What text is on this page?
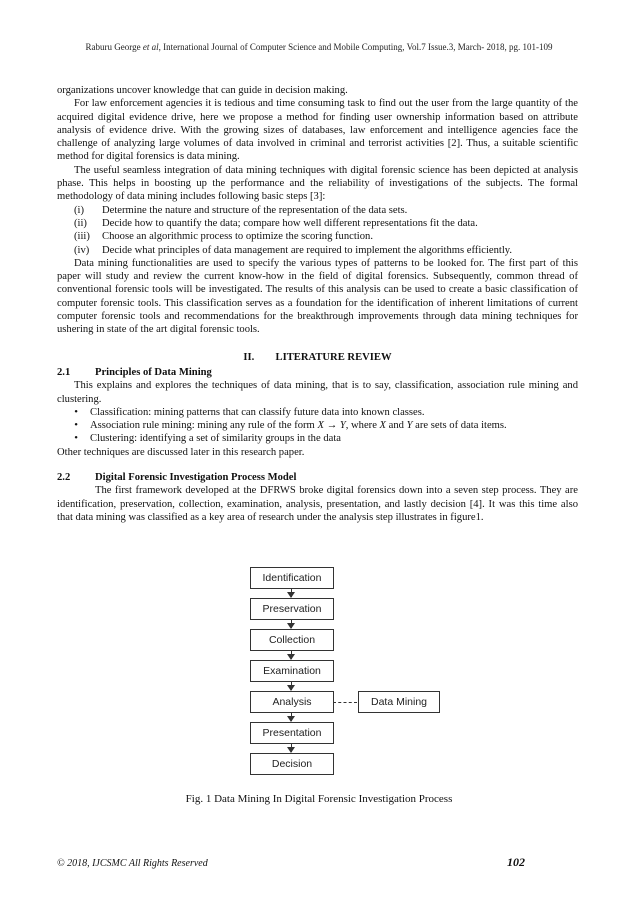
Raburu George et al, International Journal of Computer Science and Mobile Computing, Vol.7 Issue.3, March- 2018, pg. 101-109

organizations uncover knowledge that can guide in decision making.

For law enforcement agencies it is tedious and time consuming task to find out the user from the large quantity of the acquired digital evidence drive, here we propose a method for finding user ownership information based on attribute analysis of evidence drive. With the growing sizes of databases, law enforcement and intelligence agencies face the challenge of analyzing large volumes of data involved in criminal and terrorist activities [2]. Thus, a suitable scientific method for digital forensics is data mining.

The useful seamless integration of data mining techniques with digital forensic science has been depicted at analysis phase. This helps in boosting up the performance and the reliability of investigations of the subjects. The formal methodology of data mining includes following basic steps [3]:

(i)	Determine the nature and structure of the representation of the data sets.
(ii)	Decide how to quantify the data; compare how well different representations fit the data.
(iii)	Choose an algorithmic process to optimize the scoring function.
(iv)	Decide what principles of data management are required to implement the algorithms efficiently.

Data mining functionalities are used to specify the various types of patterns to be looked for. The first part of this paper will study and review the current know-how in the field of digital forensics. Subsequently, common thread of conventional forensic tools will be investigated. The results of this analysis can be used to create a basic classification of computer forensic tools. This classification serves as a foundation for the identification of inherent limitations of current computer forensic tools and recommendations for the breakthrough improvements through data mining techniques for ushering in state of the art digital forensic tools.

II.        LITERATURE REVIEW
2.1	Principles of Data Mining

This explains and explores the techniques of data mining, that is to say, classification, association rule mining and clustering.

•	Classification: mining patterns that can classify future data into known classes.
•	Association rule mining: mining any rule of the form X → Y, where X and Y are sets of data items.
•	Clustering: identifying a set of similarity groups in the data

Other techniques are discussed later in this research paper.

2.2	Digital Forensic Investigation Process Model

The first framework developed at the DFRWS broke digital forensics down into a seven step process. They are identification, preservation, collection, examination, analysis, presentation, and lastly decision [4]. It was this time also that data mining was classified as a key area of research under the analysis step illustrates in figure1.

Identification
Preservation
Collection
Examination
Analysis
Presentation
Decision
Data Mining
Fig. 1 Data Mining In Digital Forensic Investigation Process
© 2018, IJCSMC All Rights Reserved	102
